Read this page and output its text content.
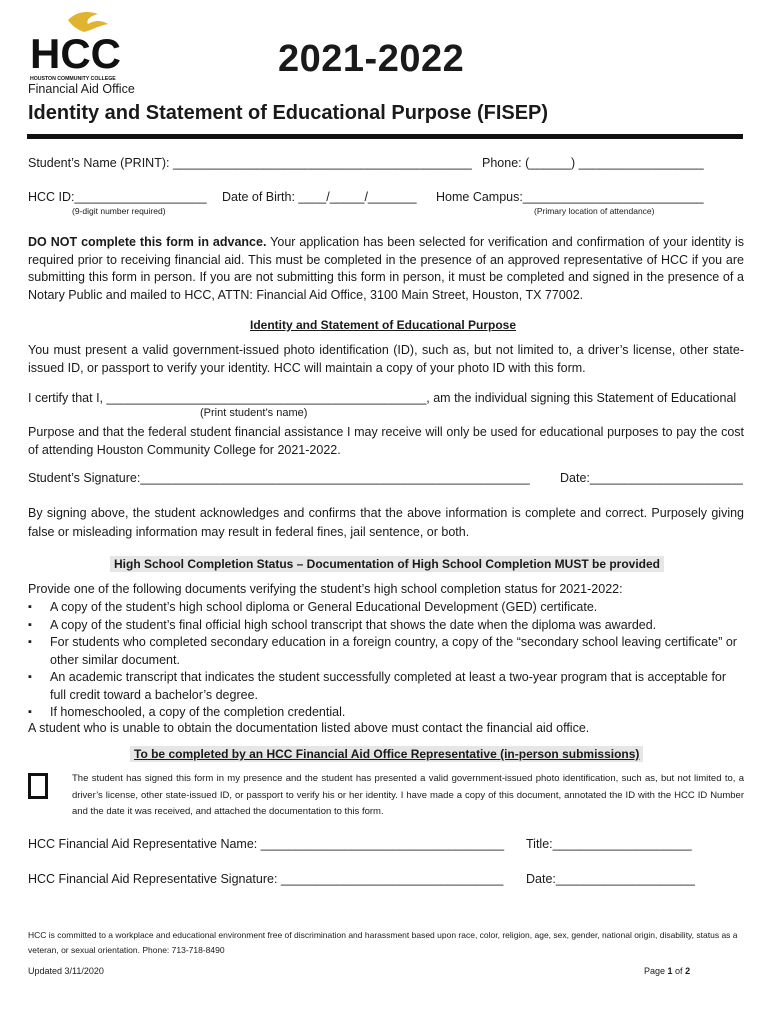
HCC
HOUSTON COMMUNITY COLLEGE
Financial Aid Office
2021-2022
Identity and Statement of Educational Purpose (FISEP)
Student’s Name (PRINT): ___________________________________________ Phone: (______) __________________
HCC ID:___________________
(9-digit number required)
Date of Birth: ____/_____/_______ Home Campus:__________________________
(Primary location of attendance)
DO NOT complete this form in advance. Your application has been selected for verification and confirmation of your identity is required prior to receiving financial aid. This must be completed in the presence of an approved representative of HCC if you are submitting this form in person. If you are not submitting this form in person, it must be completed and signed in the presence of a Notary Public and mailed to HCC, ATTN: Financial Aid Office, 3100 Main Street, Houston, TX 77002.
Identity and Statement of Educational Purpose
You must present a valid government-issued photo identification (ID), such as, but not limited to, a driver’s license, other state-issued ID, or passport to verify your identity. HCC will maintain a copy of your photo ID with this form.
I certify that I, ______________________________________________, am the individual signing this Statement of Educational
(Print student’s name)
Purpose and that the federal student financial assistance I may receive will only be used for educational purposes to pay the cost of attending Houston Community College for 2021-2022.
Student’s Signature:________________________________________________________ Date:______________________
By signing above, the student acknowledges and confirms that the above information is complete and correct. Purposely giving false or misleading information may result in federal fines, jail sentence, or both.
High School Completion Status – Documentation of High School Completion MUST be provided
Provide one of the following documents verifying the student’s high school completion status for 2021-2022:
▪ A copy of the student’s high school diploma or General Educational Development (GED) certificate.
▪ A copy of the student’s final official high school transcript that shows the date when the diploma was awarded.
▪ For students who completed secondary education in a foreign country, a copy of the “secondary school leaving certificate” or other similar document.
▪ An academic transcript that indicates the student successfully completed at least a two-year program that is acceptable for full credit toward a bachelor’s degree.
▪ If homeschooled, a copy of the completion credential.
A student who is unable to obtain the documentation listed above must contact the financial aid office.
To be completed by an HCC Financial Aid Office Representative (in-person submissions)
The student has signed this form in my presence and the student has presented a valid government-issued photo identification, such as, but not limited to, a driver’s license, other state-issued ID, or passport to verify his or her identity. I have made a copy of this document, annotated the ID with the HCC ID Number and the date it was received, and attached the documentation to this form.
HCC Financial Aid Representative Name: ___________________________________ Title:____________________
HCC Financial Aid Representative Signature: ________________________________ Date:____________________
HCC is committed to a workplace and educational environment free of discrimination and harassment based upon race, color, religion, age, sex, gender, national origin, disability, status as a veteran, or sexual orientation. Phone: 713-718-8490
Updated 3/11/2020	Page 1 of 2
